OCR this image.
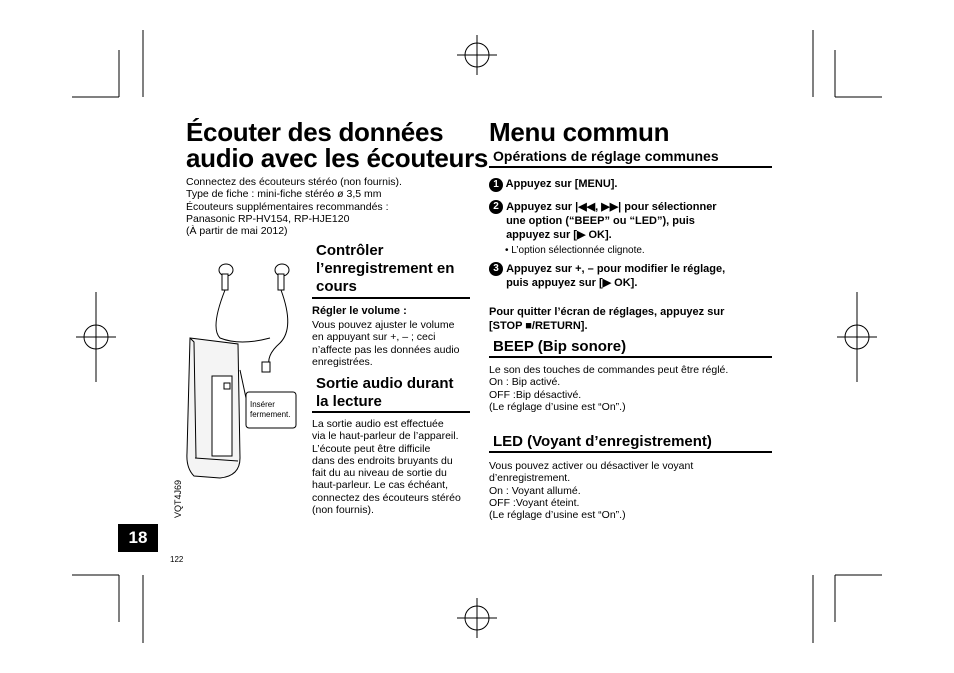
Écouter des données
audio avec les écouteurs
Connectez des écouteurs stéréo (non fournis).
Type de fiche : mini-fiche stéréo ø 3,5 mm
Écouteurs supplémentaires recommandés :
Panasonic RP-HV154, RP-HJE120
(À partir de mai 2012)
Insérer
fermement.
Contrôler
l’enregistrement en
cours
Régler le volume :
Vous pouvez ajuster le volume
en appuyant sur +, – ; ceci
n’affecte pas les données audio
enregistrées.
Sortie audio durant
la lecture
La sortie audio est effectuée
via le haut-parleur de l’appareil.
L’écoute peut être difficile
dans des endroits bruyants du
fait du au niveau de sortie du
haut-parleur. Le cas échéant,
connectez des écouteurs stéréo
(non fournis).
Menu commun
Opérations de réglage communes
1 Appuyez sur [MENU].
2 Appuyez sur |◀◀, ▶▶| pour sélectionner
une option (“BEEP” ou “LED”), puis
appuyez sur [▶ OK].
• L’option sélectionnée clignote.
3 Appuyez sur +, – pour modifier le réglage,
puis appuyez sur [▶ OK].
Pour quitter l’écran de réglages, appuyez sur
[STOP ■/RETURN].
BEEP (Bip sonore)
Le son des touches de commandes peut être réglé.
On : Bip activé.
OFF :Bip désactivé.
(Le réglage d’usine est “On”.)
LED (Voyant d’enregistrement)
Vous pouvez activer ou désactiver le voyant
d’enregistrement.
On : Voyant allumé.
OFF :Voyant éteint.
(Le réglage d’usine est “On”.)
VQT4J69
18
122
